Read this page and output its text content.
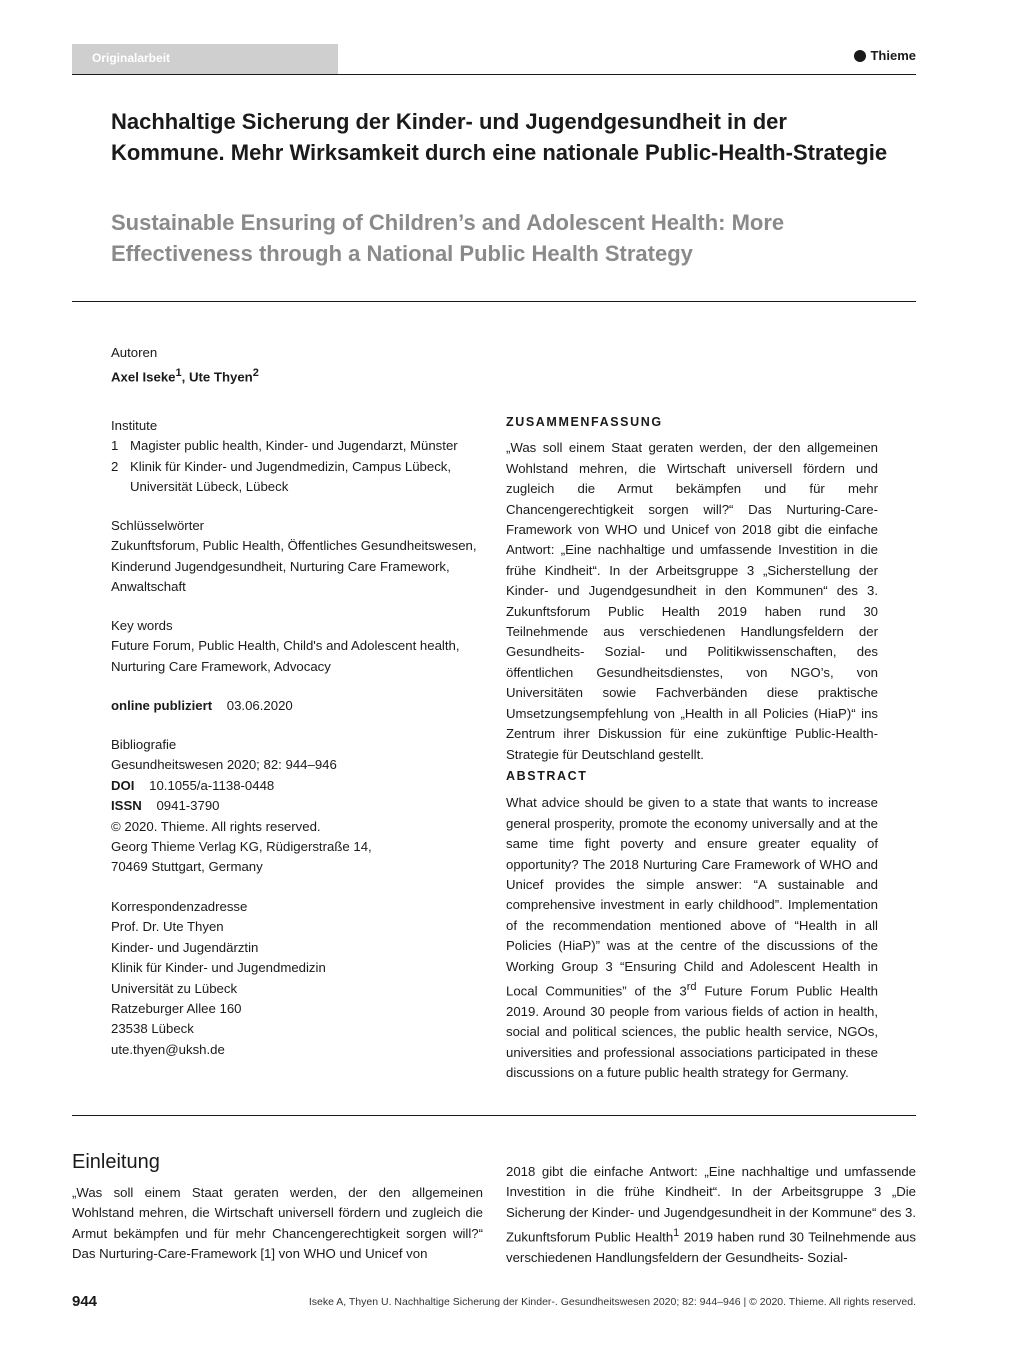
Originalarbeit	Thieme
Nachhaltige Sicherung der Kinder- und Jugendgesundheit in der Kommune. Mehr Wirksamkeit durch eine nationale Public-Health-Strategie
Sustainable Ensuring of Children’s and Adolescent Health: More Effectiveness through a National Public Health Strategy
Autoren
Axel Iseke$^1$, Ute Thyen$^2$
Institute
1 Magister public health, Kinder- und Jugendarzt, Münster
2 Klinik für Kinder- und Jugendmedizin, Campus Lübeck,
Universität Lübeck, Lübeck
Schlüsselwörter
Zukunftsforum, Public Health, Öffentliches Gesundheitswesen,
Kinderund Jugendgesundheit, Nurturing Care Framework,
Anwaltschaft
Key words
Future Forum, Public Health, Child's and Adolescent health,
Nurturing Care Framework, Advocacy
online publiziert 03.06.2020
Bibliografie
Gesundheitswesen 2020; 82: 944–946
DOI 10.1055/a-1138-0448
ISSN 0941-3790
© 2020. Thieme. All rights reserved.
Georg Thieme Verlag KG, Rüdigerstraße 14,
70469 Stuttgart, Germany
Korrespondenzadresse
Prof. Dr. Ute Thyen
Kinder- und Jugendärztin
Klinik für Kinder- und Jugendmedizin
Universität zu Lübeck
Ratzeburger Allee 160
23538 Lübeck
ute.thyen@uksh.de
ZUSAMMENFASSUNG

„Was soll einem Staat geraten werden, der den allgemeinen Wohlstand mehren, die Wirtschaft universell fördern und zugleich die Armut bekämpfen und für mehr Chancengerechtigkeit sorgen will?“ Das Nurturing-Care-Framework von WHO und Unicef von 2018 gibt die einfache Antwort: „Eine nachhaltige und umfassende Investition in die frühe Kindheit“. In der Arbeitsgruppe 3 „Sicherstellung der Kinder- und Jugendgesundheit in den Kommunen“ des 3. Zukunftsforum Public Health 2019 haben rund 30 Teilnehmende aus verschiedenen Handlungsfeldern der Gesundheits- Sozial- und Politikwissenschaften, des öffentlichen Gesundheitsdienstes, von NGO’s, von Universitäten sowie Fachverbänden diese praktische Umsetzungsempfehlung von „Health in all Policies (HiaP)“ ins Zentrum ihrer Diskussion für eine zukünftige Public-Health-Strategie für Deutschland gestellt.

ABSTRACT

What advice should be given to a state that wants to increase general prosperity, promote the economy universally and at the same time fight poverty and ensure greater equality of opportunity? The 2018 Nurturing Care Framework of WHO and Unicef provides the simple answer: “A sustainable and comprehensive investment in early childhood”. Implementation of the recommendation mentioned above of “Health in all Policies (HiaP)” was at the centre of the discussions of the Working Group 3 “Ensuring Child and Adolescent Health in Local Communities” of the 3rd Future Forum Public Health 2019. Around 30 people from various fields of action in health, social and political sciences, the public health service, NGOs, universities and professional associations participated in these discussions on a future public health strategy for Germany.

Einleitung

„Was soll einem Staat geraten werden, der den allgemeinen Wohlstand mehren, die Wirtschaft universell fördern und zugleich die Armut bekämpfen und für mehr Chancengerechtigkeit sorgen will?“ Das Nurturing-Care-Framework [1] von WHO und Unicef von

2018 gibt die einfache Antwort: „Eine nachhaltige und umfassende Investition in die frühe Kindheit“. In der Arbeitsgruppe 3 „Die Sicherung der Kinder- und Jugendgesundheit in der Kommune“ des 3. Zukunftsforum Public Health$^1$ 2019 haben rund 30 Teilnehmende aus verschiedenen Handlungsfeldern der Gesundheits- Sozial-

944	Iseke A, Thyen U. Nachhaltige Sicherung der Kinder-. Gesundheitswesen 2020; 82: 944–946 | © 2020. Thieme. All rights reserved.
